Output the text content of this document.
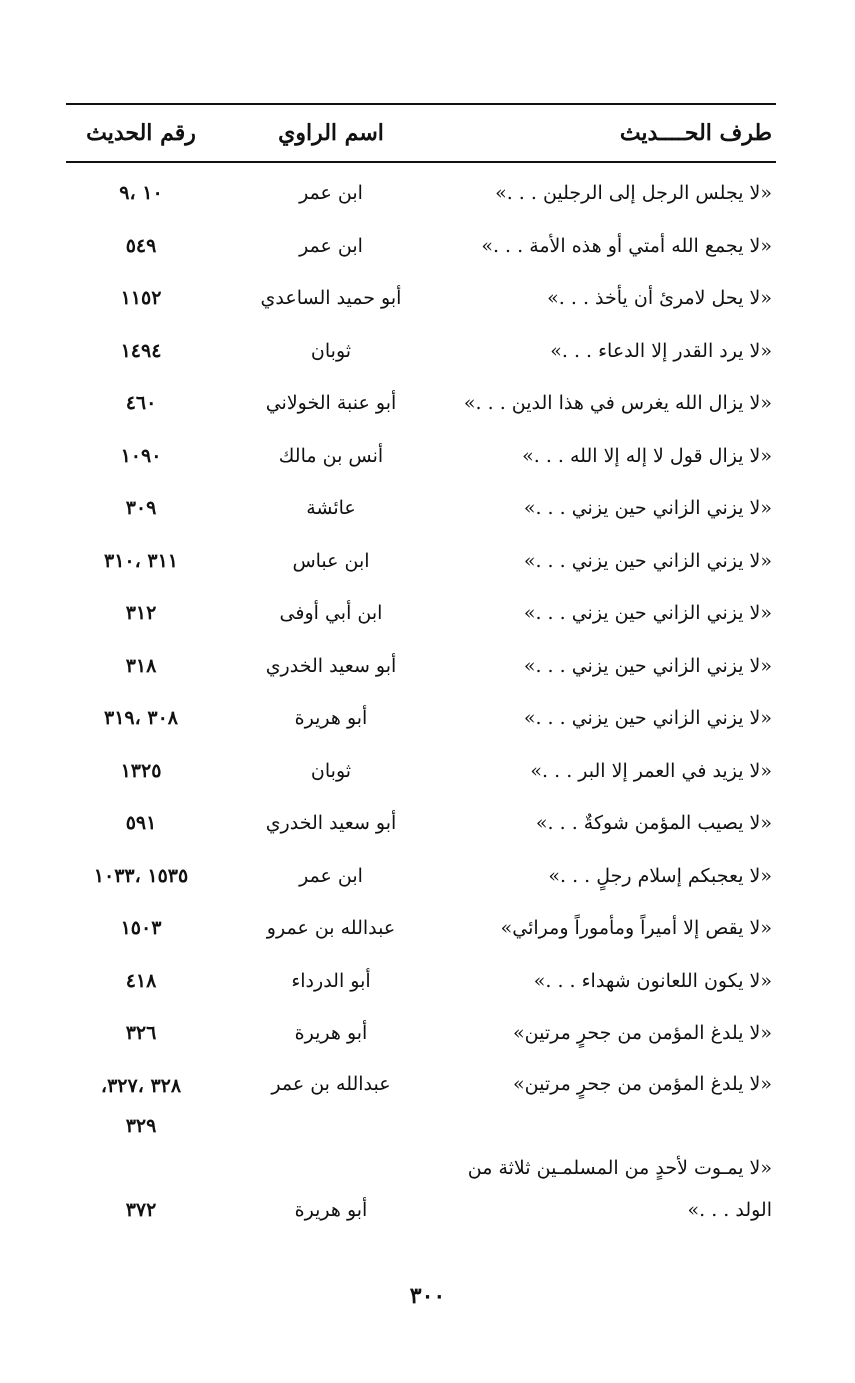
طرف الحــــديث
اسم الراوي
رقم الحديث
«لا يجلس الرجل إلى الرجلين . . .»
ابن عمر
١٠ ،٩
«لا يجمع الله أمتي أو هذه الأمة . . .»
ابن عمر
٥٤٩
«لا يحل لامرئ أن يأخذ . . .»
أبو حميد الساعدي
١١٥٢
«لا يرد القدر إلا الدعاء . . .»
ثوبان
١٤٩٤
«لا يزال الله يغرس في هذا الدين . . .»
أبو عنبة الخولاني
٤٦٠
«لا يزال قول لا إله إلا الله . . .»
أنس بن مالك
١٠٩٠
«لا يزني الزاني حين يزني . . .»
عائشة
٣٠٩
«لا يزني الزاني حين يزني . . .»
ابن عباس
٣١١ ،٣١٠
«لا يزني الزاني حين يزني . . .»
ابن أبي أوفى
٣١٢
«لا يزني الزاني حين يزني . . .»
أبو سعيد الخدري
٣١٨
«لا يزني الزاني حين يزني . . .»
أبو هريرة
٣٠٨ ،٣١٩
«لا يزيد في العمر إلا البر . . .»
ثوبان
١٣٢٥
«لا يصيب المؤمن شوكةٌ . . .»
أبو سعيد الخدري
٥٩١
«لا يعجبكم إسلام رجلٍ . . .»
ابن عمر
١٥٣٥ ،١٠٣٣
«لا يقص إلا أميراً ومأموراً ومرائي»
عبدالله بن عمرو
١٥٠٣
«لا يكون اللعانون شهداء . . .»
أبو الدرداء
٤١٨
«لا يلدغ المؤمن من جحرٍ مرتين»
أبو هريرة
٣٢٦
«لا يلدغ المؤمن من جحرٍ مرتين»
عبدالله بن عمر
٣٢٨ ،٣٢٧،
٣٢٩
«لا يمـوت لأحدٍ من المسلمـين ثلاثة من
الولد . . .»
أبو هريرة
٣٧٢
٣٠٠
